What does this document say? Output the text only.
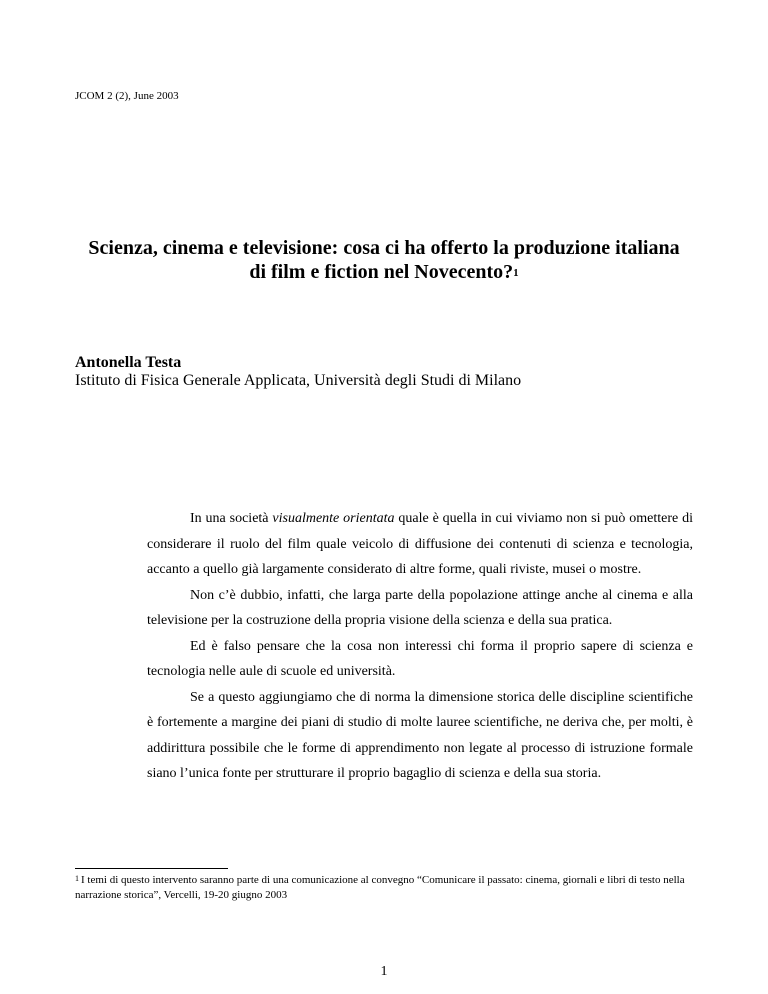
JCOM 2 (2), June 2003
Scienza, cinema e televisione: cosa ci ha offerto la produzione italiana
di film e fiction nel Novecento?$^1$
Antonella Testa
Istituto di Fisica Generale Applicata, Università degli Studi di Milano

In una società visualmente orientata quale è quella in cui viviamo non si può omettere di considerare il ruolo del film quale veicolo di diffusione dei contenuti di scienza e tecnologia, accanto a quello già largamente considerato di altre forme, quali riviste, musei o mostre.

Non c’è dubbio, infatti, che larga parte della popolazione attinge anche al cinema e alla televisione per la costruzione della propria visione della scienza e della sua pratica.

Ed è falso pensare che la cosa non interessi chi forma il proprio sapere di scienza e tecnologia nelle aule di scuole ed università.

Se a questo aggiungiamo che di norma la dimensione storica delle discipline scientifiche è fortemente a margine dei piani di studio di molte lauree scientifiche, ne deriva che, per molti, è addirittura possibile che le forme di apprendimento non legate al processo di istruzione formale siano l’unica fonte per strutturare il proprio bagaglio di scienza e della sua storia.

$^1$ I temi di questo intervento saranno parte di una comunicazione al convegno “Comunicare il passato: cinema, giornali e libri di testo nella narrazione storica”, Vercelli, 19-20 giugno 2003
1
